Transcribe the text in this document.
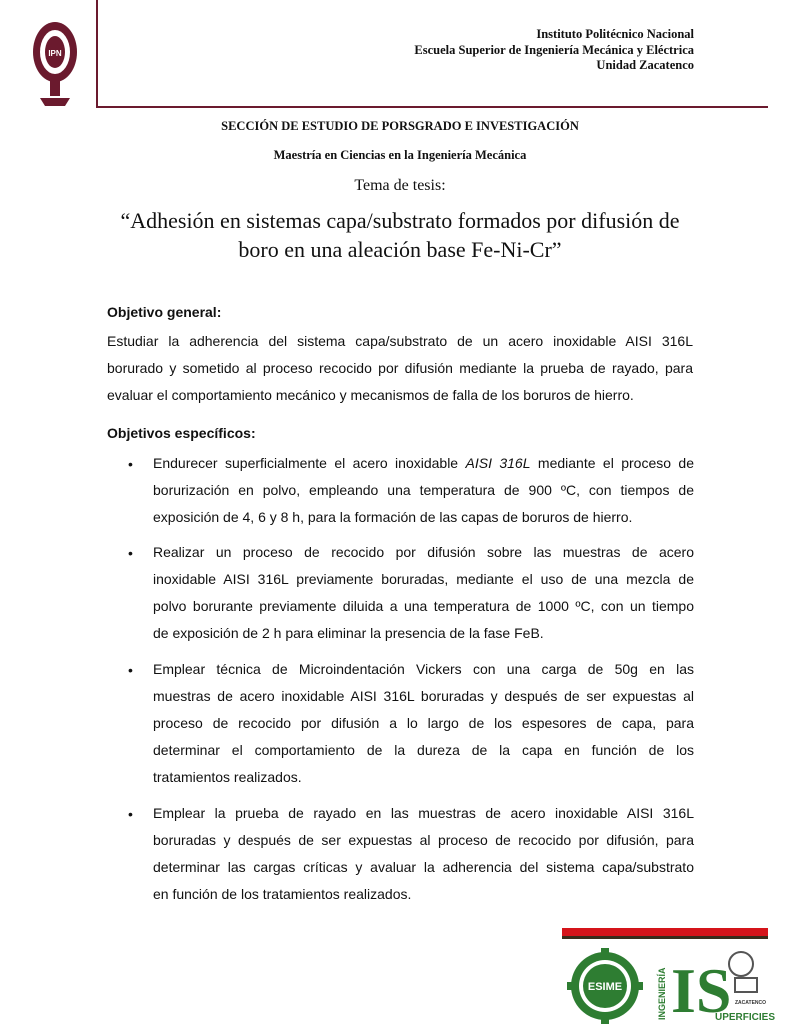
IPN
Instituto Politécnico Nacional
Escuela Superior de Ingeniería Mecánica y Eléctrica
Unidad Zacatenco
SECCIÓN DE ESTUDIO DE PORSGRADO E INVESTIGACIÓN
Maestría en Ciencias en la Ingeniería Mecánica
Tema de tesis:
“Adhesión en sistemas capa/substrato formados por difusión de
boro en una aleación base Fe-Ni-Cr”
Objetivo general:
Estudiar la adherencia del sistema capa/substrato de un acero inoxidable AISI 316L
borurado y sometido al proceso recocido por difusión mediante la prueba de rayado, para
evaluar el comportamiento mecánico y mecanismos de falla de los boruros de hierro.
Objetivos específicos:
• Endurecer superficialmente el acero inoxidable AISI 316L mediante el proceso de
borurización en polvo, empleando una temperatura de 900 ºC, con tiempos de
exposición de 4, 6 y 8 h, para la formación de las capas de boruros de hierro.
• Realizar un proceso de recocido por difusión sobre las muestras de acero
inoxidable AISI 316L previamente boruradas, mediante el uso de una mezcla de
polvo borurante previamente diluida a una temperatura de 1000 ºC, con un tiempo
de exposición de 2 h para eliminar la presencia de la fase FeB.
• Emplear técnica de Microindentación Vickers con una carga de 50g en las
muestras de acero inoxidable AISI 316L boruradas y después de ser expuestas al
proceso de recocido por difusión a lo largo de los espesores de capa, para
determinar el comportamiento de la dureza de la capa en función de los
tratamientos realizados.
• Emplear la prueba de rayado en las muestras de acero inoxidable AISI 316L
boruradas y después de ser expuestas al proceso de recocido por difusión, para
determinar las cargas críticas y avaluar la adherencia del sistema capa/substrato
en función de los tratamientos realizados.
ESIME	INGENIERÍA IS ZACATENCO
UPERFICIES
